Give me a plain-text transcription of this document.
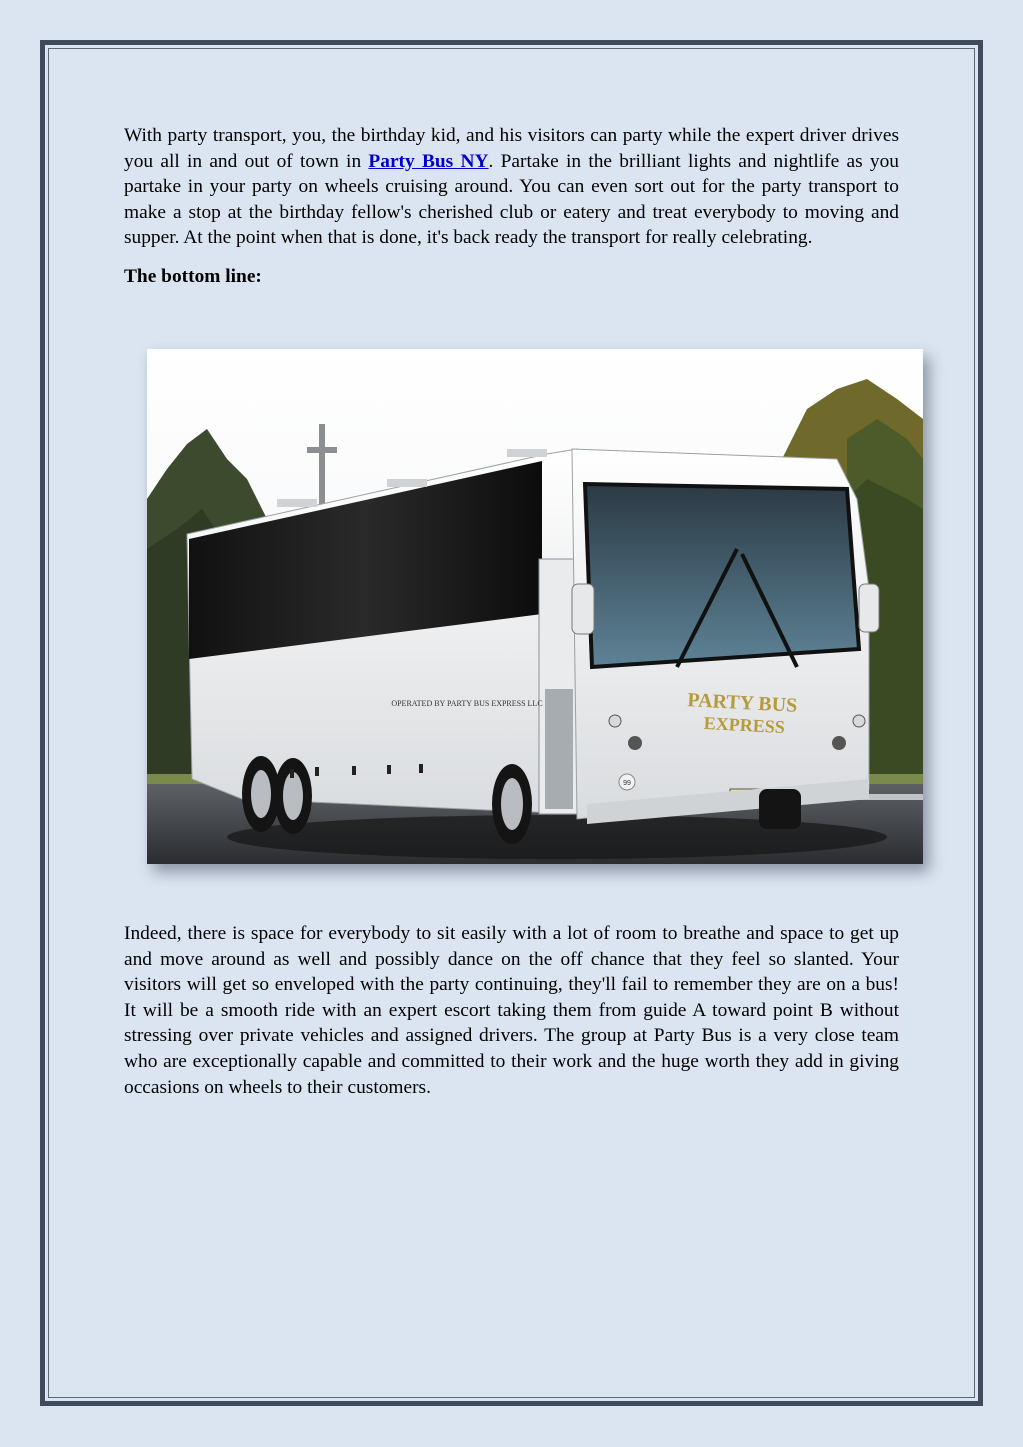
With party transport, you, the birthday kid, and his visitors can party while the expert driver drives you all in and out of town in Party Bus NY. Partake in the brilliant lights and nightlife as you partake in your party on wheels cruising around. You can even sort out for the party transport to make a stop at the birthday fellow's cherished club or eatery and treat everybody to moving and supper. At the point when that is done, it's back ready the transport for really celebrating.

The bottom line:
PARTY BUS
EXPRESS
OPERATED BY PARTY BUS EXPRESS LLC
99

Indeed, there is space for everybody to sit easily with a lot of room to breathe and space to get up and move around as well and possibly dance on the off chance that they feel so slanted. Your visitors will get so enveloped with the party continuing, they'll fail to remember they are on a bus! It will be a smooth ride with an expert escort taking them from guide A toward point B without stressing over private vehicles and assigned drivers. The group at Party Bus is a very close team who are exceptionally capable and committed to their work and the huge worth they add in giving occasions on wheels to their customers.
